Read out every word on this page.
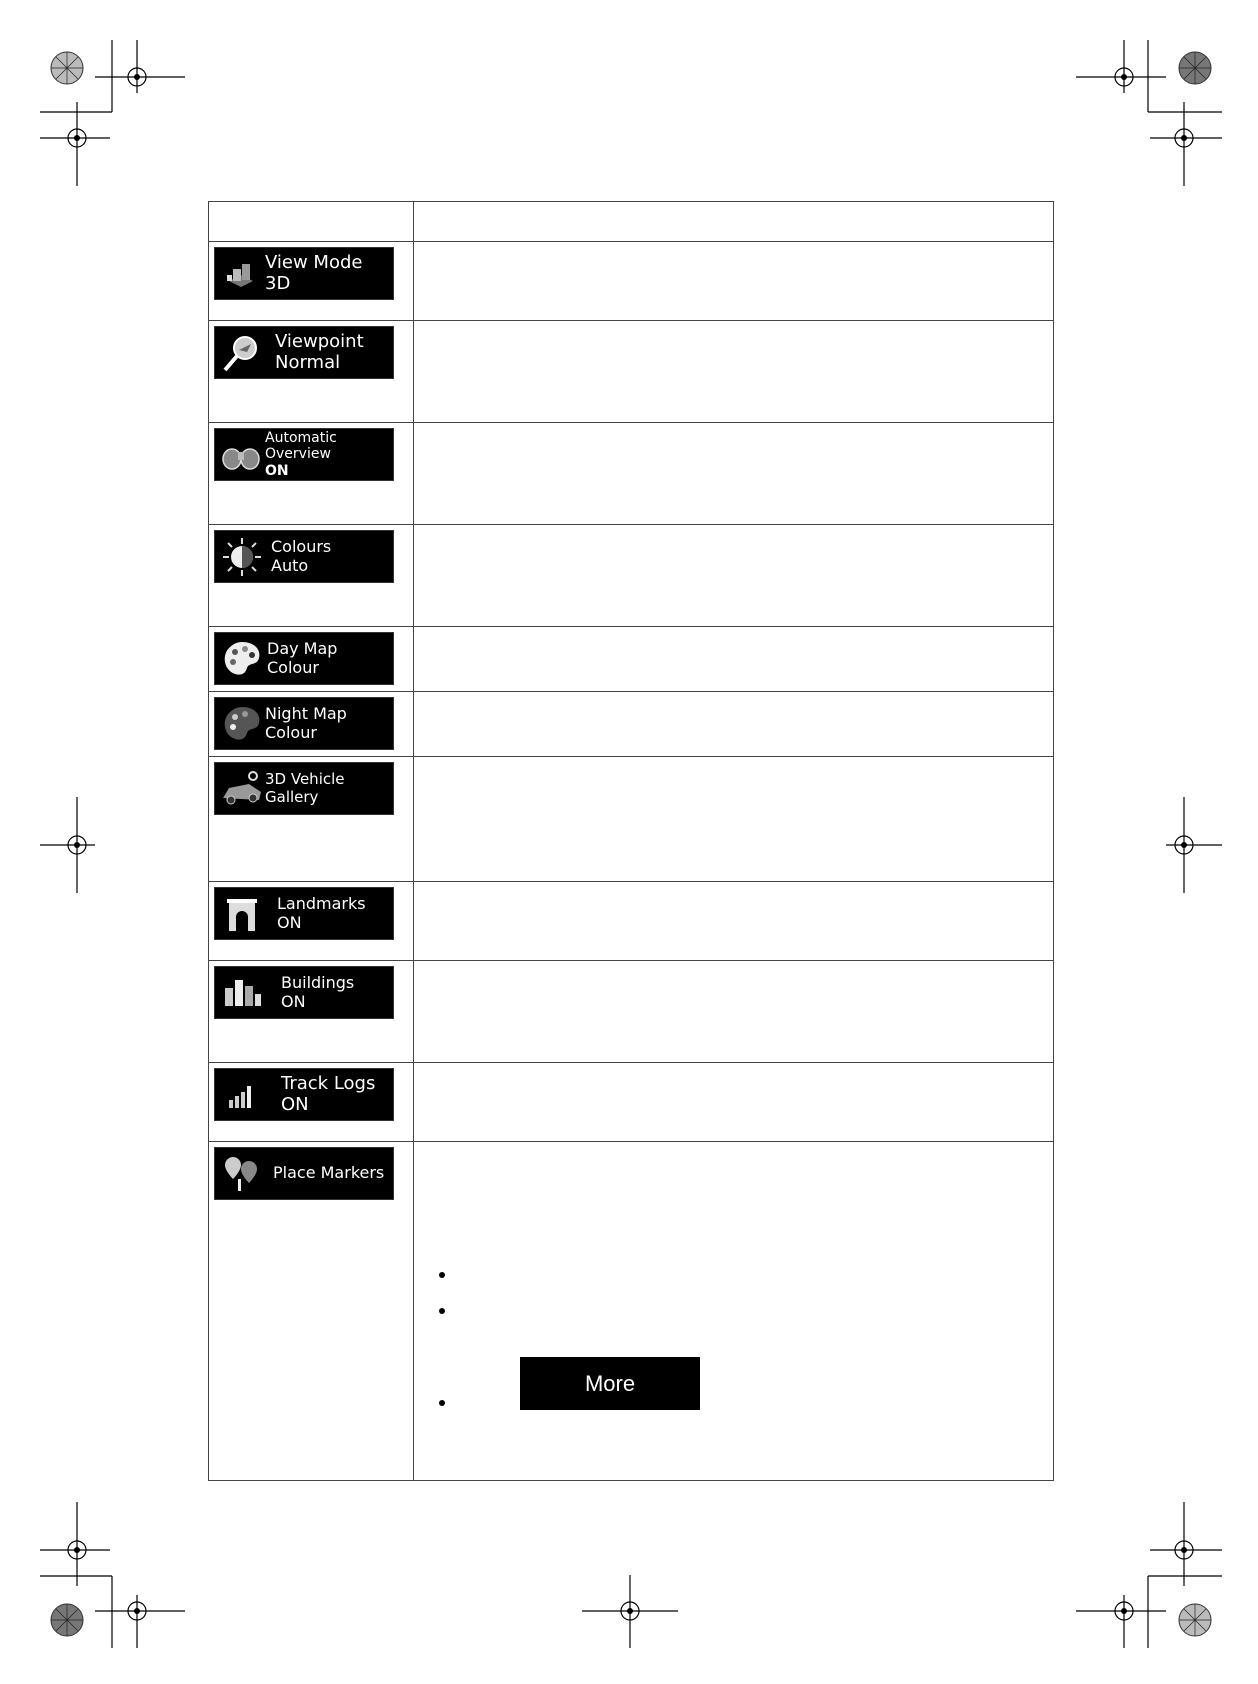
View Mode
3D	

Viewpoint
Normal	

Automatic Overview
ON	

Colours
Auto	

Day Map Colour	

Night Map Colour	

3D Vehicle Gallery	

Landmarks
ON	

Buildings
ON	

Track Logs
ON	

Place Markers	

More
